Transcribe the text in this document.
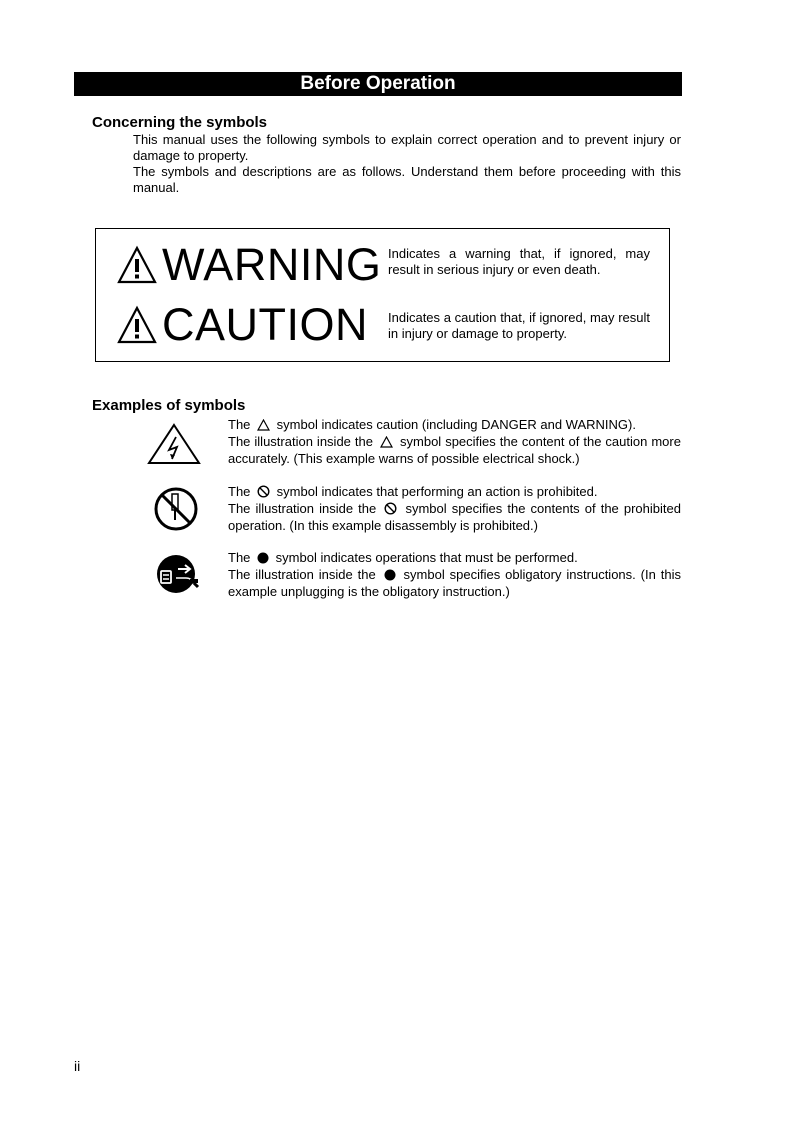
Before Operation
Concerning the symbols

This manual uses the following symbols to explain correct operation and to prevent injury or damage to property.

The symbols and descriptions are as follows. Understand them before proceeding with this manual.

WARNING Indicates a warning that, if ignored, may result in serious injury or even death.
CAUTION Indicates a caution that, if ignored, may result in injury or damage to property.
Examples of symbols

The symbol indicates caution (including DANGER and WARNING).

The illustration inside the symbol specifies the content of the caution more accurately. (This example warns of possible electrical shock.)

The symbol indicates that performing an action is prohibited.

The illustration inside the symbol specifies the contents of the prohibited operation. (In this example disassembly is prohibited.)

The symbol indicates operations that must be performed.

The illustration inside the symbol specifies obligatory instructions. (In this example unplugging is the obligatory instruction.)

ii
